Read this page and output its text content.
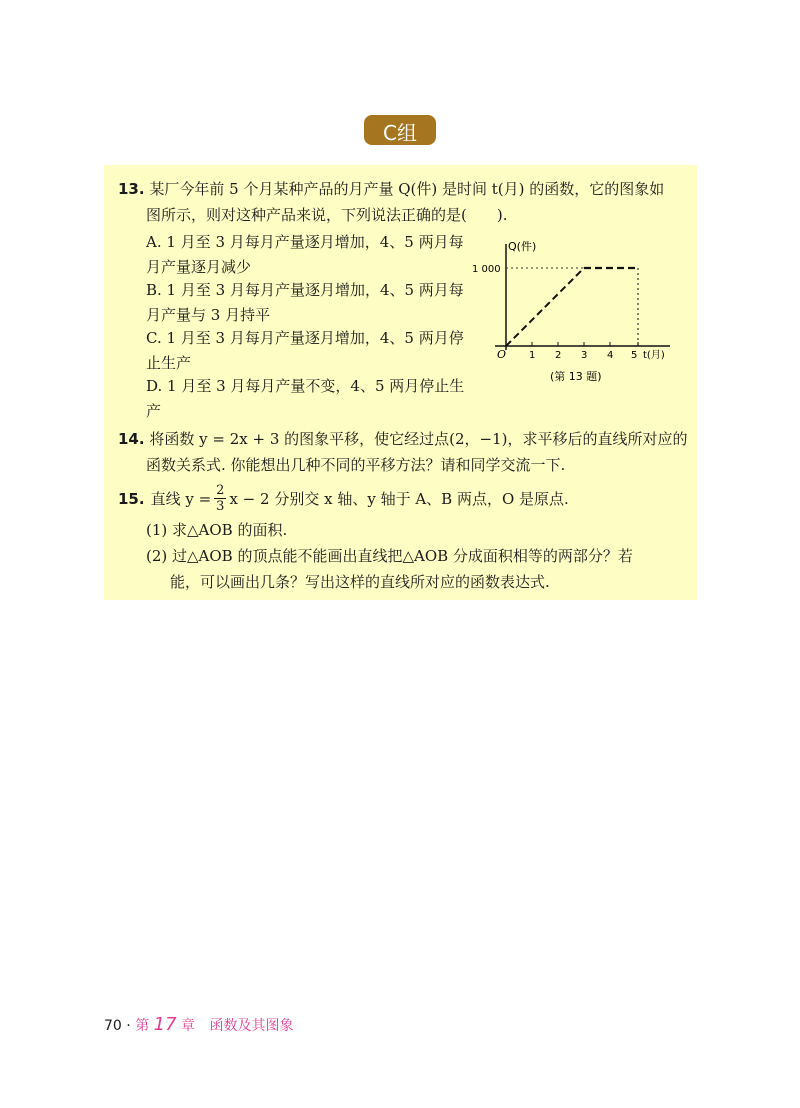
C组
13. 某厂今年前 5 个月某种产品的月产量 Q(件) 是时间 t(月) 的函数，它的图象如
图所示，则对这种产品来说，下列说法正确的是(　　).
A. 1 月至 3 月每月产量逐月增加，4、5 两月每月产量逐月减少
B. 1 月至 3 月每月产量逐月增加，4、5 两月每月产量与 3 月持平
C. 1 月至 3 月每月产量逐月增加，4、5 两月停止生产
D. 1 月至 3 月每月产量不变，4、5 两月停止生产
Q(件)
1 000
O 1 2 3 4 5 t(月)
(第 13 题)
14. 将函数 y = 2x + 3 的图象平移，使它经过点(2，−1)，求平移后的直线所对应的
函数关系式. 你能想出几种不同的平移方法？请和同学交流一下.
15. 直线 $y = \frac{2}{3}$ x − 2 分别交 x 轴、y 轴于 A、B 两点，O 是原点.
(1) 求△AOB 的面积.
(2) 过△AOB 的顶点能不能画出直线把△AOB 分成面积相等的两部分？若
能，可以画出几条？写出这样的直线所对应的函数表达式.
70 · 第 17 章 函数及其图象
